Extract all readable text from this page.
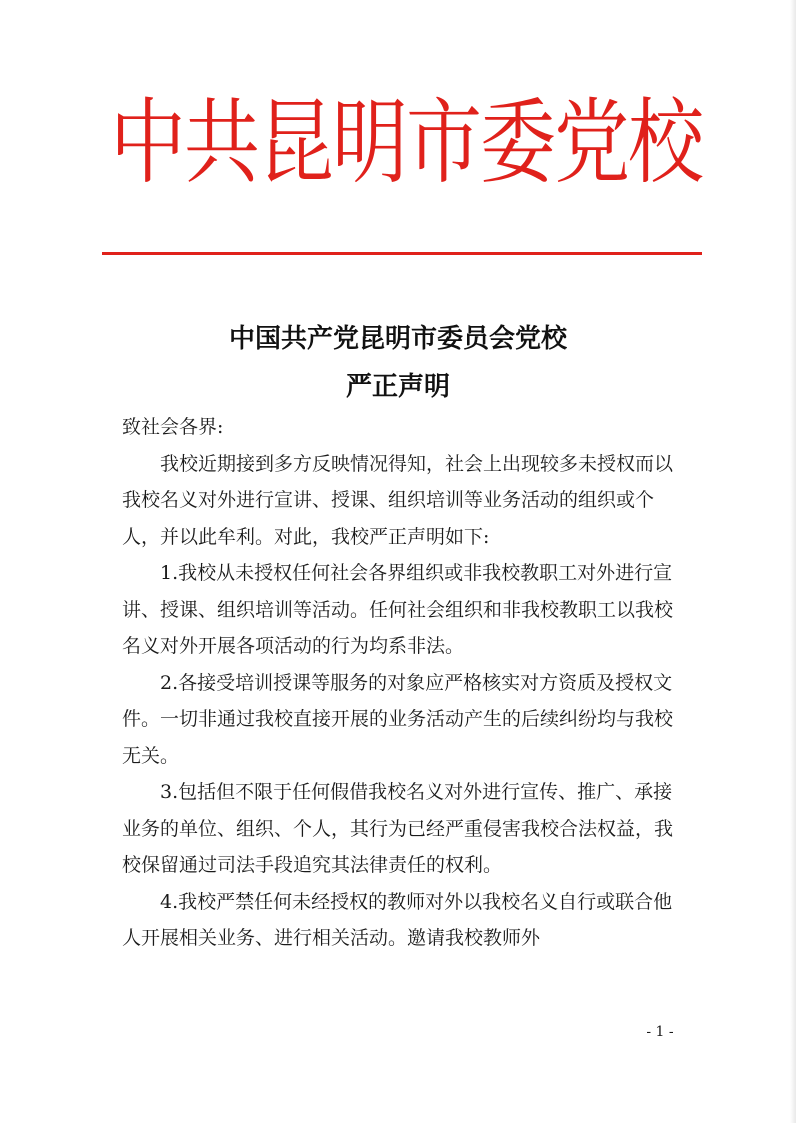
中共昆明市委党校
中国共产党昆明市委员会党校
严正声明

致社会各界:

我校近期接到多方反映情况得知，社会上出现较多未授权而以我校名义对外进行宣讲、授课、组织培训等业务活动的组织或个人，并以此牟利。对此，我校严正声明如下:

1.我校从未授权任何社会各界组织或非我校教职工对外进行宣讲、授课、组织培训等活动。任何社会组织和非我校教职工以我校名义对外开展各项活动的行为均系非法。

2.各接受培训授课等服务的对象应严格核实对方资质及授权文件。一切非通过我校直接开展的业务活动产生的后续纠纷均与我校无关。

3.包括但不限于任何假借我校名义对外进行宣传、推广、承接业务的单位、组织、个人，其行为已经严重侵害我校合法权益，我校保留通过司法手段追究其法律责任的权利。

4.我校严禁任何未经授权的教师对外以我校名义自行或联合他人开展相关业务、进行相关活动。邀请我校教师外

- 1 -
